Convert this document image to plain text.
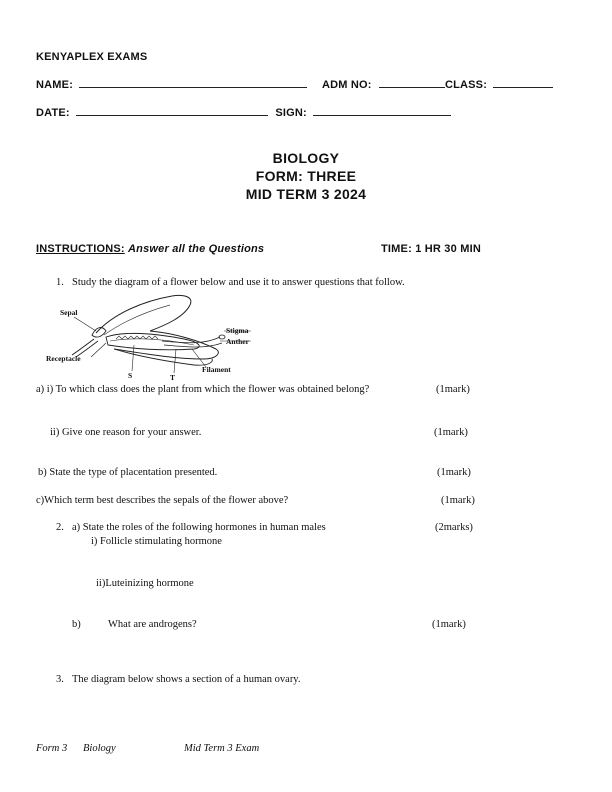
KENYAPLEX EXAMS
NAME:	ADM NO:	CLASS:
DATE:	SIGN:
BIOLOGY
FORM: THREE
MID TERM 3 2024
INSTRUCTIONS: Answer all the Questions	TIME: 1 HR 30 MIN
1. Study the diagram of a flower below and use it to answer questions that follow.
Sepal
Receptacle
Stigma
Anther
Filament
S	T
a) i) To which class does the plant from which the flower was obtained belong?	(1mark)
ii) Give one reason for your answer.	(1mark)
b) State the type of placentation presented.	(1mark)
c)Which term best describes the sepals of the flower above?	(1mark)
2. a) State the roles of the following hormones in human males	(2marks)
i) Follicle stimulating hormone
ii)Luteinizing hormone
b)	What are androgens?	(1mark)
3. The diagram below shows a section of a human ovary.
Form 3 Biology	Mid Term 3 Exam
